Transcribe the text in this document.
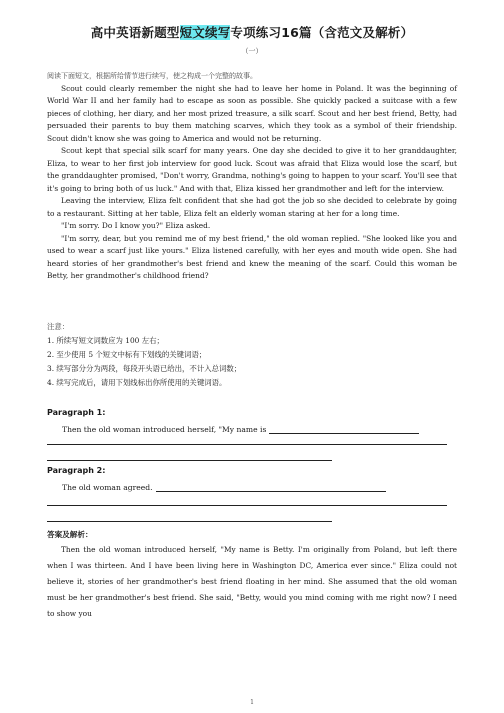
高中英语新题型短文续写专项练习16篇（含范文及解析）
（一）

阅读下面短文，根据所给情节进行续写，使之构成一个完整的故事。

Scout could clearly remember the night she had to leave her home in Poland. It was the beginning of World War II and her family had to escape as soon as possible. She quickly packed a suitcase with a few pieces of clothing, her diary, and her most prized treasure, a silk scarf. Scout and her best friend, Betty, had persuaded their parents to buy them matching scarves, which they took as a symbol of their friendship. Scout didn't know she was going to America and would not be returning.

Scout kept that special silk scarf for many years. One day she decided to give it to her granddaughter, Eliza, to wear to her first job interview for good luck. Scout was afraid that Eliza would lose the scarf, but the granddaughter promised, "Don't worry, Grandma, nothing's going to happen to your scarf. You'll see that it's going to bring both of us luck." And with that, Eliza kissed her grandmother and left for the interview.

Leaving the interview, Eliza felt confident that she had got the job so she decided to celebrate by going to a restaurant. Sitting at her table, Eliza felt an elderly woman staring at her for a long time.

"I'm sorry. Do I know you?" Eliza asked.

"I'm sorry, dear, but you remind me of my best friend," the old woman replied. "She looked like you and used to wear a scarf just like yours." Eliza listened carefully, with her eyes and mouth wide open. She had heard stories of her grandmother's best friend and knew the meaning of the scarf. Could this woman be Betty, her grandmother's childhood friend?

注意：
1. 所续写短文词数应为 100 左右；
2. 至少使用 5 个短文中标有下划线的关键词语；
3. 续写部分分为两段，每段开头语已给出，不计入总词数；
4. 续写完成后，请用下划线标出你所使用的关键词语。
Paragraph 1:
Then the old woman introduced herself, "My name is
Paragraph 2:
The old woman agreed.
答案及解析：

Then the old woman introduced herself, "My name is Betty. I'm originally from Poland, but left there when I was thirteen. And I have been living here in Washington DC, America ever since." Eliza could not believe it, stories of her grandmother's best friend floating in her mind. She assumed that the old woman must be her grandmother's best friend. She said, "Betty, would you mind coming with me right now? I need to show you

1
